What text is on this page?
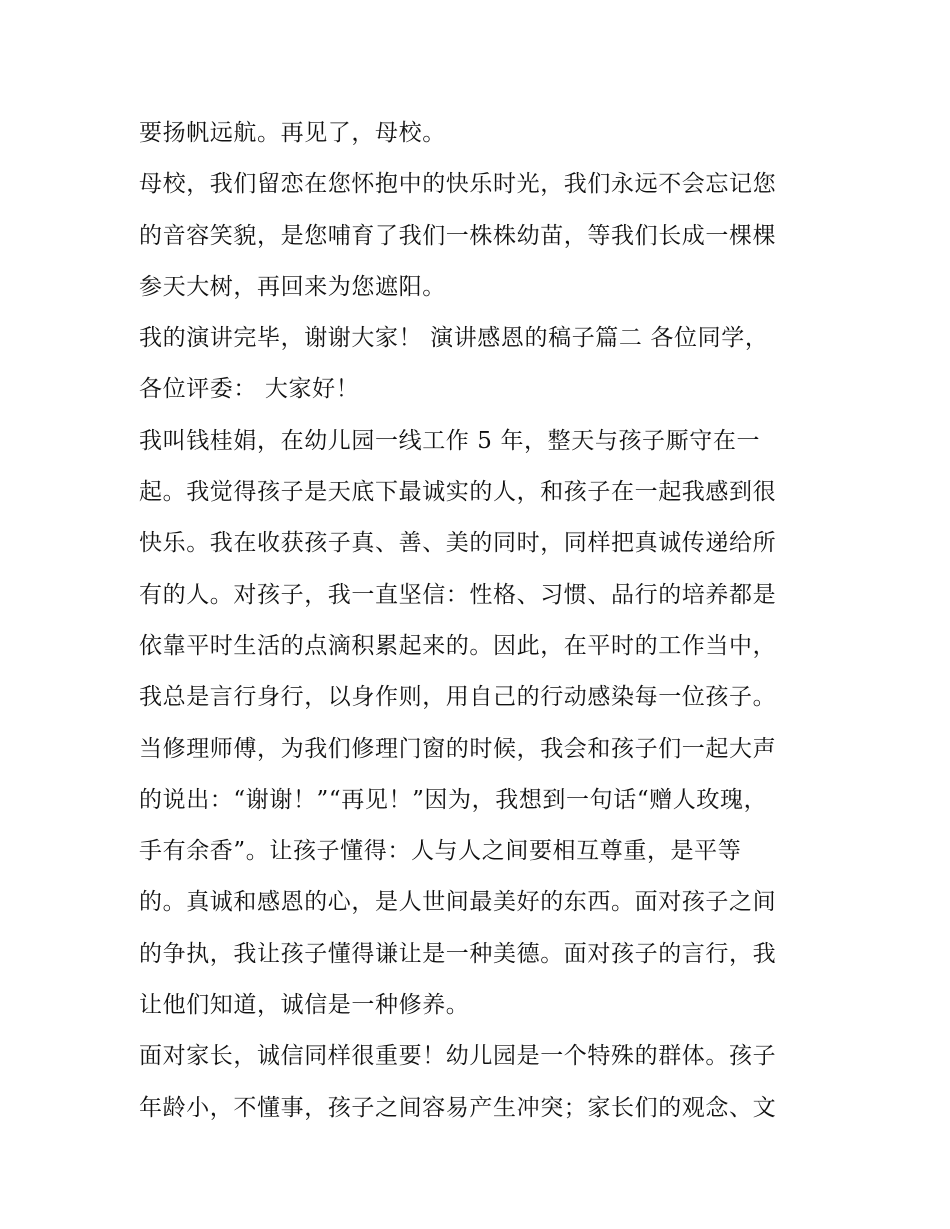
要扬帆远航。再见了，母校。
母校，我们留恋在您怀抱中的快乐时光，我们永远不会忘记您
的音容笑貌，是您哺育了我们一株株幼苗，等我们长成一棵棵
参天大树，再回来为您遮阳。
我的演讲完毕，谢谢大家！ 演讲感恩的稿子篇二 各位同学，
各位评委： 大家好！
我叫钱桂娟，在幼儿园一线工作 5 年，整天与孩子厮守在一
起。我觉得孩子是天底下最诚实的人，和孩子在一起我感到很
快乐。我在收获孩子真、善、美的同时，同样把真诚传递给所
有的人。对孩子，我一直坚信：性格、习惯、品行的培养都是
依靠平时生活的点滴积累起来的。因此，在平时的工作当中，
我总是言行身行，以身作则，用自己的行动感染每一位孩子。
当修理师傅，为我们修理门窗的时候，我会和孩子们一起大声
的说出：“谢谢！”“再见！”因为，我想到一句话“赠人玫瑰，
手有余香”。让孩子懂得：人与人之间要相互尊重，是平等
的。真诚和感恩的心，是人世间最美好的东西。面对孩子之间
的争执，我让孩子懂得谦让是一种美德。面对孩子的言行，我
让他们知道，诚信是一种修养。
面对家长，诚信同样很重要！幼儿园是一个特殊的群体。孩子
年龄小，不懂事，孩子之间容易产生冲突；家长们的观念、文
